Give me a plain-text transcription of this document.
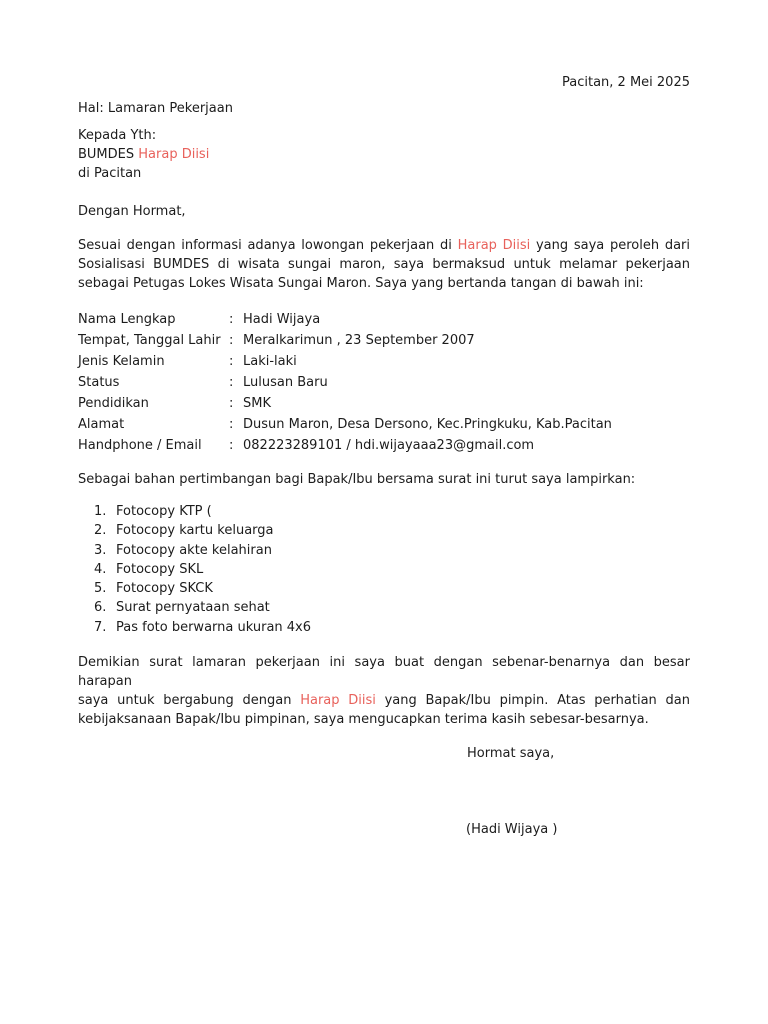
Pacitan, 2 Mei 2025
Hal: Lamaran Pekerjaan
Kepada Yth:
BUMDES Harap Diisi
di Pacitan
Dengan Hormat,
Sesuai dengan informasi adanya lowongan pekerjaan di Harap Diisi yang saya peroleh dari
Sosialisasi BUMDES di wisata sungai maron, saya bermaksud untuk melamar pekerjaan
sebagai Petugas Lokes Wisata Sungai Maron. Saya yang bertanda tangan di bawah ini:
Nama Lengkap	:	Hadi Wijaya
Tempat, Tanggal Lahir	:	Meralkarimun , 23 September 2007
Jenis Kelamin	:	Laki-laki
Status	:	Lulusan Baru
Pendidikan	:	SMK
Alamat	:	Dusun Maron, Desa Dersono, Kec.Pringkuku, Kab.Pacitan
Handphone / Email	:	082223289101 / hdi.wijayaaa23@gmail.com
Sebagai bahan pertimbangan bagi Bapak/Ibu bersama surat ini turut saya lampirkan:
1. Fotocopy KTP (
2. Fotocopy kartu keluarga
3. Fotocopy akte kelahiran
4. Fotocopy SKL
5. Fotocopy SKCK
6. Surat pernyataan sehat
7. Pas foto berwarna ukuran 4x6
Demikian surat lamaran pekerjaan ini saya buat dengan sebenar-benarnya dan besar harapan
saya untuk bergabung dengan Harap Diisi yang Bapak/Ibu pimpin. Atas perhatian dan
kebijaksanaan Bapak/Ibu pimpinan, saya mengucapkan terima kasih sebesar-besarnya.
Hormat saya,
(Hadi Wijaya )
